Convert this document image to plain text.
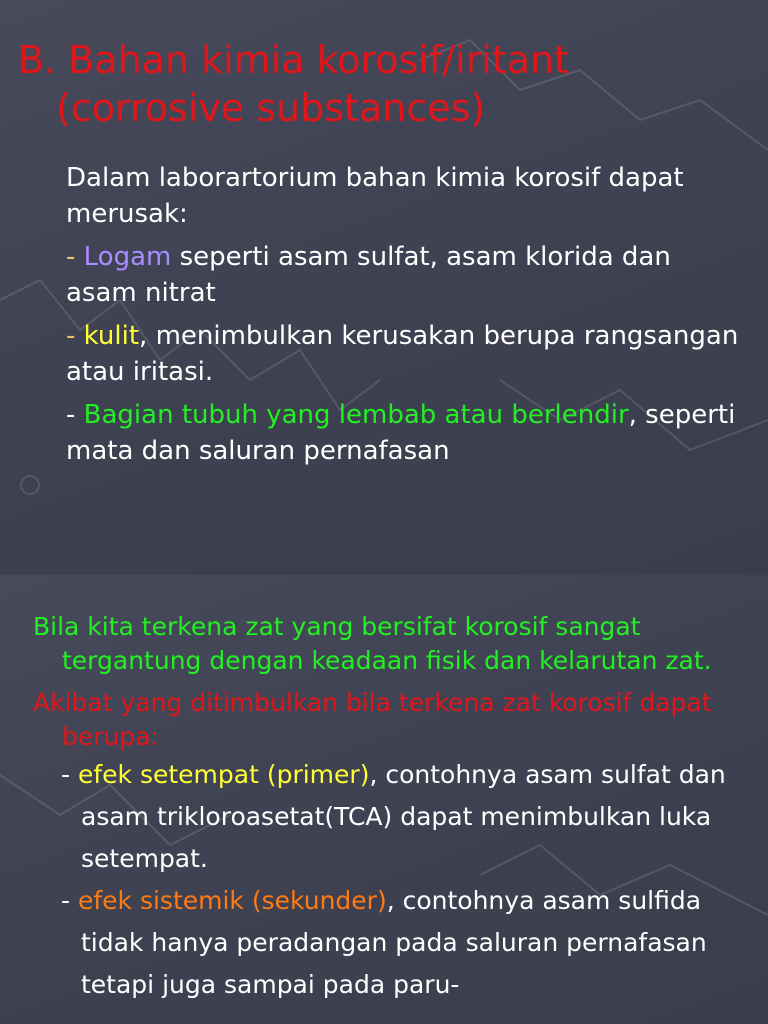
B. Bahan kimia korosif/iritant
(corrosive substances)

Dalam laborartorium bahan kimia korosif dapat merusak:

- Logam seperti asam sulfat, asam klorida dan asam nitrat

- kulit, menimbulkan kerusakan berupa rangsangan atau iritasi.

- Bagian tubuh yang lembab atau berlendir, seperti mata dan saluran pernafasan

Bila kita terkena zat yang bersifat korosif sangat tergantung dengan keadaan fisik dan kelarutan zat.

Akibat yang ditimbulkan bila terkena zat korosif dapat berupa:

- efek setempat (primer), contohnya asam sulfat dan asam trikloroasetat(TCA) dapat menimbulkan luka setempat.

- efek sistemik (sekunder), contohnya asam sulfida tidak hanya peradangan pada saluran pernafasan tetapi juga sampai pada paru-
